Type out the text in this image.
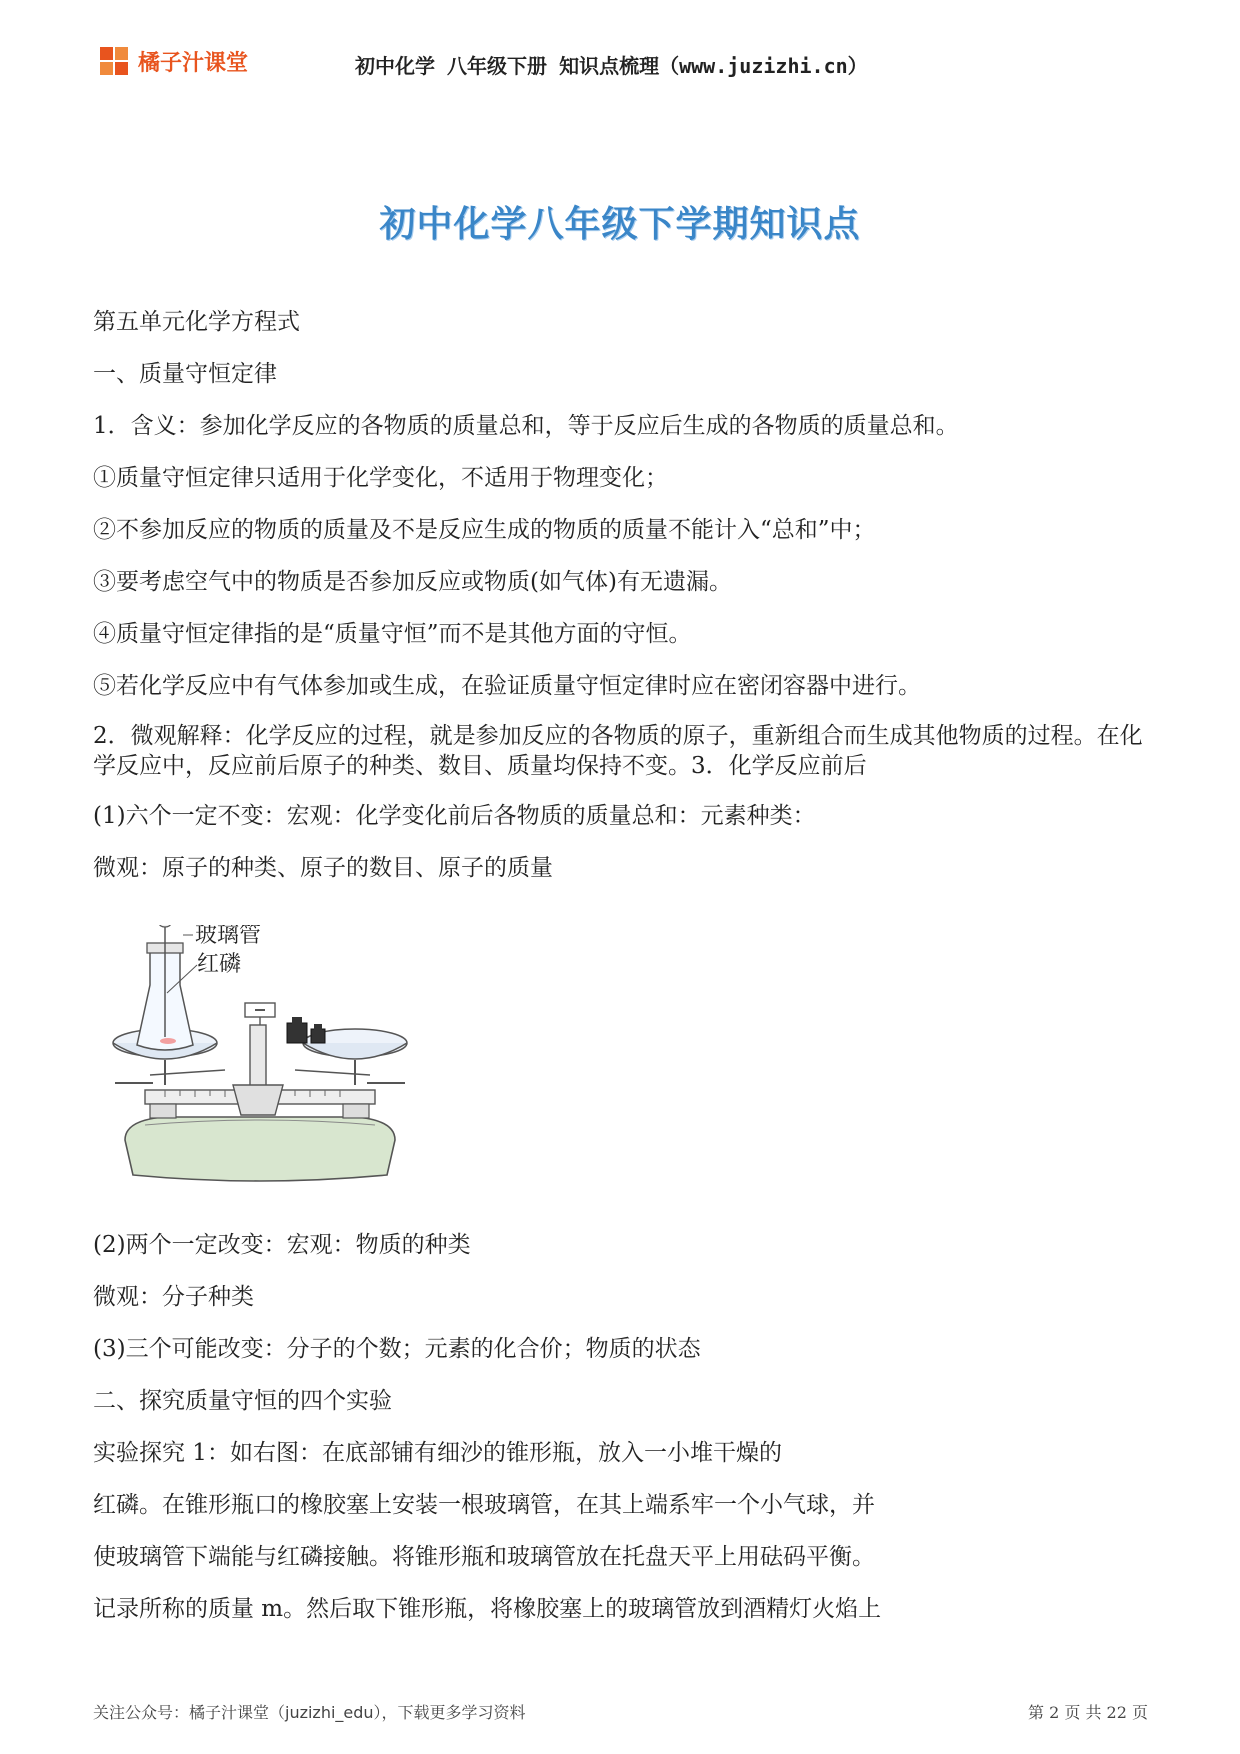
橘子汁课堂	初中化学 八年级下册 知识点梳理（www.juzizhi.cn）
初中化学八年级下学期知识点

第五单元化学方程式

一、质量守恒定律

1．含义：参加化学反应的各物质的质量总和，等于反应后生成的各物质的质量总和。

①质量守恒定律只适用于化学变化，不适用于物理变化；

②不参加反应的物质的质量及不是反应生成的物质的质量不能计入“总和”中；

③要考虑空气中的物质是否参加反应或物质(如气体)有无遗漏。

④质量守恒定律指的是“质量守恒”而不是其他方面的守恒。

⑤若化学反应中有气体参加或生成，在验证质量守恒定律时应在密闭容器中进行。

2．微观解释：化学反应的过程，就是参加反应的各物质的原子，重新组合而生成其他物质的过程。在化学反应中，反应前后原子的种类、数目、质量均保持不变。3．化学反应前后

(1)六个一定不变：宏观：化学变化前后各物质的质量总和：元素种类：

微观：原子的种类、原子的数目、原子的质量

(2)两个一定改变：宏观：物质的种类

微观：分子种类

(3)三个可能改变：分子的个数；元素的化合价；物质的状态

二、探究质量守恒的四个实验

实验探究 1：如右图：在底部铺有细沙的锥形瓶，放入一小堆干燥的

红磷。在锥形瓶口的橡胶塞上安装一根玻璃管，在其上端系牢一个小气球，并

使玻璃管下端能与红磷接触。将锥形瓶和玻璃管放在托盘天平上用砝码平衡。

记录所称的质量 m。然后取下锥形瓶，将橡胶塞上的玻璃管放到酒精灯火焰上

玻璃管
红磷
关注公众号：橘子汁课堂（juzizhi_edu），下载更多学习资料	第 2 页 共 22 页
